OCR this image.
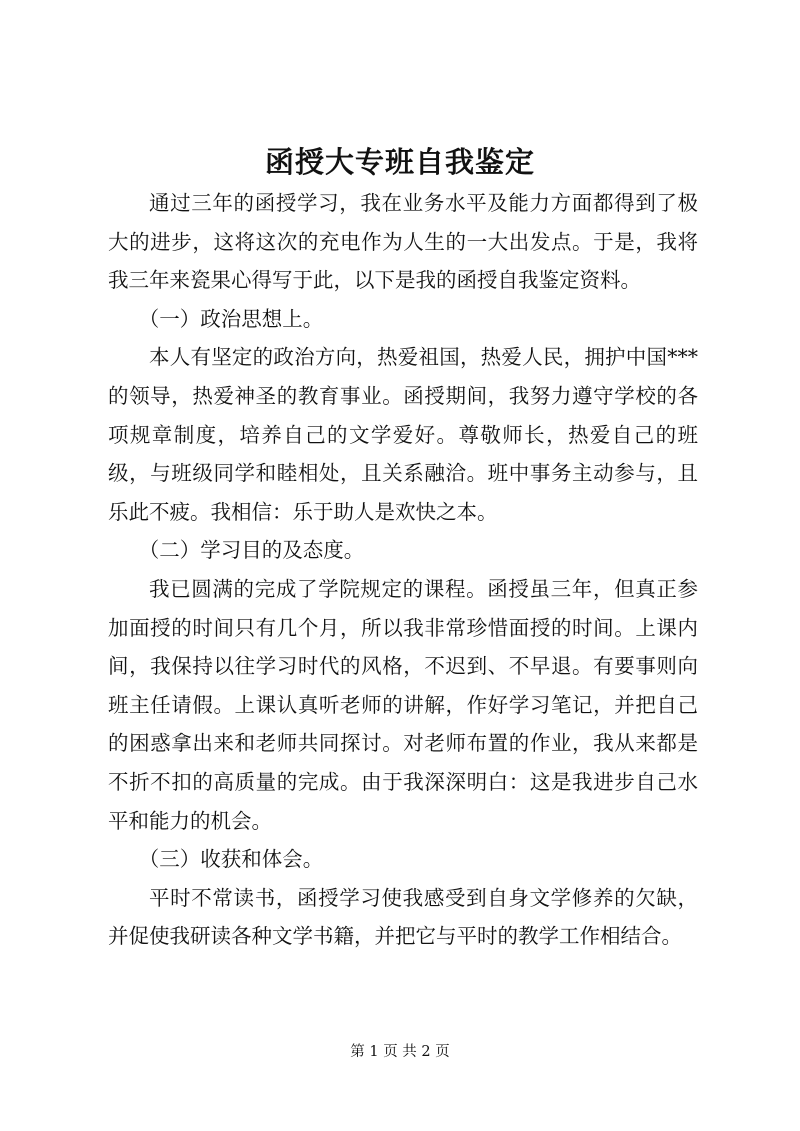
函授大专班自我鉴定

通过三年的函授学习，我在业务水平及能力方面都得到了极大的进步，这将这次的充电作为人生的一大出发点。于是，我将我三年来瓷果心得写于此，以下是我的函授自我鉴定资料。

（一）政治思想上。

本人有坚定的政治方向，热爱祖国，热爱人民，拥护中国***的领导，热爱神圣的教育事业。函授期间，我努力遵守学校的各项规章制度，培养自己的文学爱好。尊敬师长，热爱自己的班级，与班级同学和睦相处，且关系融洽。班中事务主动参与，且乐此不疲。我相信：乐于助人是欢快之本。

（二）学习目的及态度。

我已圆满的完成了学院规定的课程。函授虽三年，但真正参加面授的时间只有几个月，所以我非常珍惜面授的时间。上课内间，我保持以往学习时代的风格，不迟到、不早退。有要事则向班主任请假。上课认真听老师的讲解，作好学习笔记，并把自己的困惑拿出来和老师共同探讨。对老师布置的作业，我从来都是不折不扣的高质量的完成。由于我深深明白：这是我进步自己水平和能力的机会。

（三）收获和体会。

平时不常读书，函授学习使我感受到自身文学修养的欠缺，并促使我研读各种文学书籍，并把它与平时的教学工作相结合。

第 1 页 共 2 页
